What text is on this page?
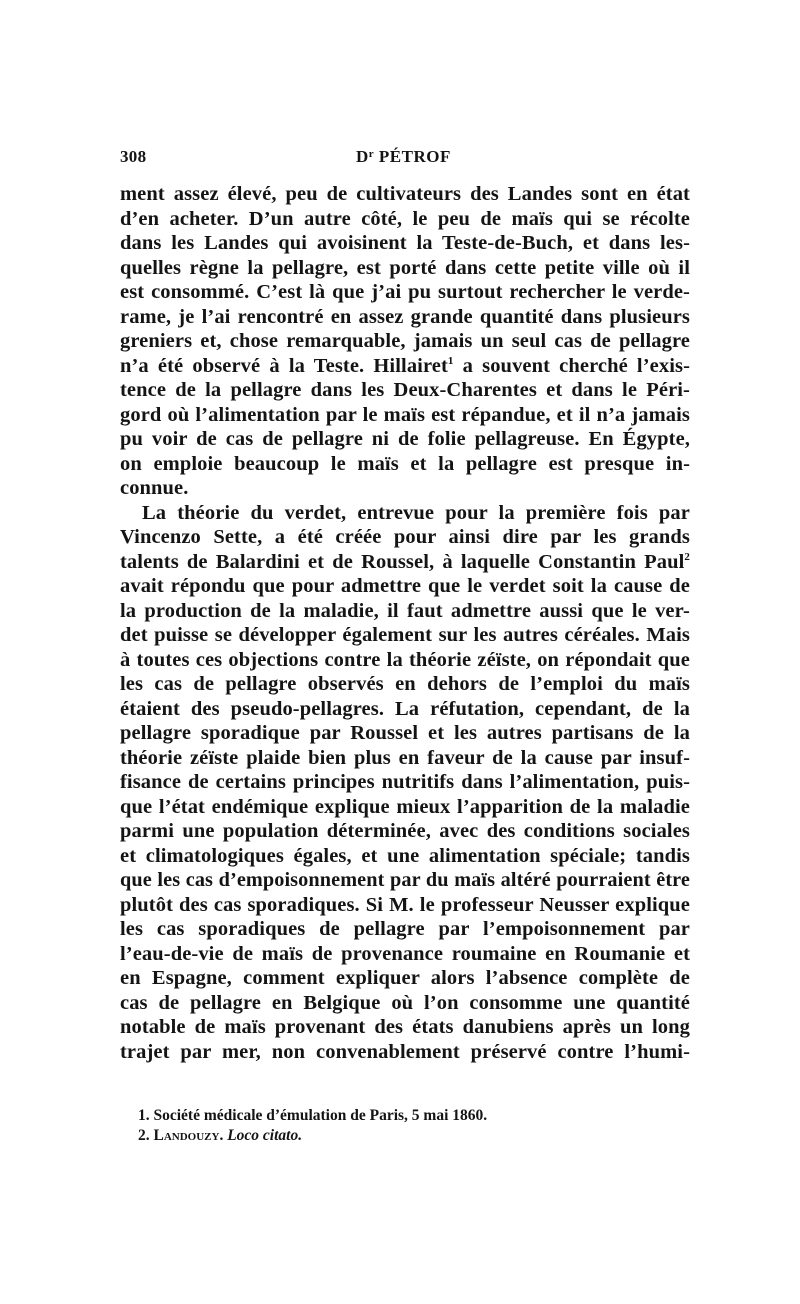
308	$D^r$ PÉTROF
ment assez élevé, peu de cultivateurs des Landes sont en état
d’en acheter. D’un autre côté, le peu de maïs qui se récolte
dans les Landes qui avoisinent la Teste-de-Buch, et dans les-
quelles règne la pellagre, est porté dans cette petite ville où il
est consommé. C’est là que j’ai pu surtout rechercher le verde-
rame, je l’ai rencontré en assez grande quantité dans plusieurs
greniers et, chose remarquable, jamais un seul cas de pellagre
n’a été observé à la Teste. Hillairet$^1$ a souvent cherché l’exis-
tence de la pellagre dans les Deux-Charentes et dans le Péri-
gord où l’alimentation par le maïs est répandue, et il n’a jamais
pu voir de cas de pellagre ni de folie pellagreuse. En Égypte,
on emploie beaucoup le maïs et la pellagre est presque in-
connue.
La théorie du verdet, entrevue pour la première fois par
Vincenzo Sette, a été créée pour ainsi dire par les grands
talents de Balardini et de Roussel, à laquelle Constantin Paul$^2$
avait répondu que pour admettre que le verdet soit la cause de
la production de la maladie, il faut admettre aussi que le ver-
det puisse se développer également sur les autres céréales. Mais
à toutes ces objections contre la théorie zéïste, on répondait que
les cas de pellagre observés en dehors de l’emploi du maïs
étaient des pseudo-pellagres. La réfutation, cependant, de la
pellagre sporadique par Roussel et les autres partisans de la
théorie zéïste plaide bien plus en faveur de la cause par insuf-
fisance de certains principes nutritifs dans l’alimentation, puis-
que l’état endémique explique mieux l’apparition de la maladie
parmi une population déterminée, avec des conditions sociales
et climatologiques égales, et une alimentation spéciale; tandis
que les cas d’empoisonnement par du maïs altéré pourraient être
plutôt des cas sporadiques. Si M. le professeur Neusser explique
les cas sporadiques de pellagre par l’empoisonnement par
l’eau-de-vie de maïs de provenance roumaine en Roumanie et
en Espagne, comment expliquer alors l’absence complète de
cas de pellagre en Belgique où l’on consomme une quantité
notable de maïs provenant des états danubiens après un long
trajet par mer, non convenablement préservé contre l’humi-
1. Société médicale d’émulation de Paris, 5 mai 1860.
2. Landouzy. Loco citato.
